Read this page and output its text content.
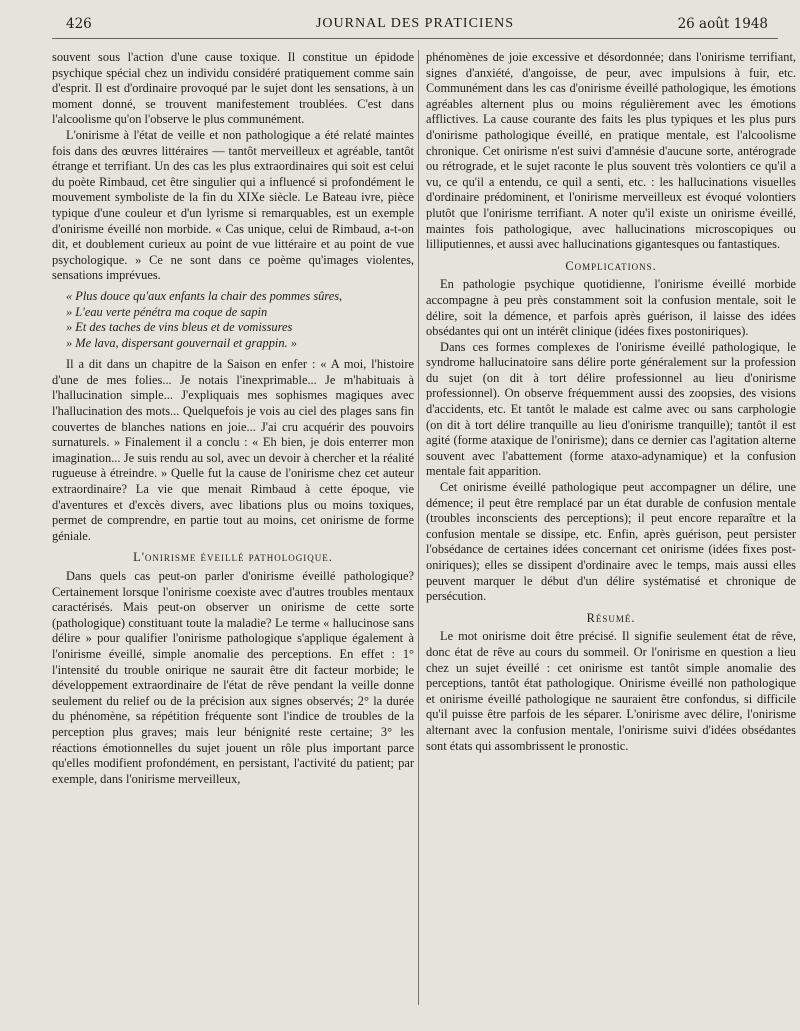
426	JOURNAL DES PRATICIENS	26 août 1948

souvent sous l'action d'une cause toxique. Il constitue un épidode psychique spécial chez un individu considéré pratiquement comme sain d'esprit. Il est d'ordinaire provoqué par le sujet dont les sensations, à un moment donné, se trouvent manifestement troublées. C'est dans l'alcoolisme qu'on l'observe le plus communément.

L'onirisme à l'état de veille et non pathologique a été relaté maintes fois dans des œuvres littéraires — tantôt merveilleux et agréable, tantôt étrange et terrifiant. Un des cas les plus extraordinaires qui soit est celui du poète Rimbaud, cet être singulier qui a influencé si profondément le mouvement symboliste de la fin du XIXe siècle. Le Bateau ivre, pièce typique d'une couleur et d'un lyrisme si remarquables, est un exemple d'onirisme éveillé non morbide. « Cas unique, celui de Rimbaud, a-t-on dit, et doublement curieux au point de vue littéraire et au point de vue psychologique. » Ce ne sont dans ce poème qu'images violentes, sensations imprévues.

« Plus douce qu'aux enfants la chair des pommes sûres,
» L'eau verte pénétra ma coque de sapin
» Et des taches de vins bleus et de vomissures
» Me lava, dispersant gouvernail et grappin. »

Il a dit dans un chapitre de la Saison en enfer : « A moi, l'histoire d'une de mes folies... Je notais l'inexprimable... Je m'habituais à l'hallucination simple... J'expliquais mes sophismes magiques avec l'hallucination des mots... Quelquefois je vois au ciel des plages sans fin couvertes de blanches nations en joie... J'ai cru acquérir des pouvoirs surnaturels. » Finalement il a conclu : « Eh bien, je dois enterrer mon imagination... Je suis rendu au sol, avec un devoir à chercher et la réalité rugueuse à étreindre. » Quelle fut la cause de l'onirisme chez cet auteur extraordinaire? La vie que menait Rimbaud à cette époque, vie d'aventures et d'excès divers, avec libations plus ou moins toxiques, permet de comprendre, en partie tout au moins, cet onirisme de forme géniale.

L'onirisme éveillé pathologique.

Dans quels cas peut-on parler d'onirisme éveillé pathologique? Certainement lorsque l'onirisme coexiste avec d'autres troubles mentaux caractérisés. Mais peut-on observer un onirisme de cette sorte (pathologique) constituant toute la maladie? Le terme « hallucinose sans délire » pour qualifier l'onirisme pathologique s'applique également à l'onirisme éveillé, simple anomalie des perceptions. En effet : 1° l'intensité du trouble onirique ne saurait être dit facteur morbide; le développement extraordinaire de l'état de rêve pendant la veille donne seulement du relief ou de la précision aux signes observés; 2° la durée du phénomène, sa répétition fréquente sont l'indice de troubles de la perception plus graves; mais leur bénignité reste certaine; 3° les réactions émotionnelles du sujet jouent un rôle plus important parce qu'elles modifient profondément, en persistant, l'activité du patient; par exemple, dans l'onirisme merveilleux,

phénomènes de joie excessive et désordonnée; dans l'onirisme terrifiant, signes d'anxiété, d'angoisse, de peur, avec impulsions à fuir, etc. Communément dans les cas d'onirisme éveillé pathologique, les émotions agréables alternent plus ou moins régulièrement avec les émotions afflictives. La cause courante des faits les plus typiques et les plus purs d'onirisme pathologique éveillé, en pratique mentale, est l'alcoolisme chronique. Cet onirisme n'est suivi d'amnésie d'aucune sorte, antérograde ou rétrograde, et le sujet raconte le plus souvent très volontiers ce qu'il a vu, ce qu'il a entendu, ce quil a senti, etc. : les hallucinations visuelles d'ordinaire prédominent, et l'onirisme merveilleux est évoqué volontiers plutôt que l'onirisme terrifiant. A noter qu'il existe un onirisme éveillé, maintes fois pathologique, avec hallucinations microscopiques ou lilliputiennes, et aussi avec hallucinations gigantesques ou fantastiques.

Complications.

En pathologie psychique quotidienne, l'onirisme éveillé morbide accompagne à peu près constamment soit la confusion mentale, soit le délire, soit la démence, et parfois après guérison, il laisse des idées obsédantes qui ont un intérêt clinique (idées fixes postoniriques).

Dans ces formes complexes de l'onirisme éveillé pathologique, le syndrome hallucinatoire sans délire porte généralement sur la profession du sujet (on dit à tort délire professionnel au lieu d'onirisme professionnel). On observe fréquemment aussi des zoopsies, des visions d'accidents, etc. Et tantôt le malade est calme avec ou sans carphologie (on dit à tort délire tranquille au lieu d'onirisme tranquille); tantôt il est agité (forme ataxique de l'onirisme); dans ce dernier cas l'agitation alterne souvent avec l'abattement (forme ataxo-adynamique) et la confusion mentale fait apparition.

Cet onirisme éveillé pathologique peut accompagner un délire, une démence; il peut être remplacé par un état durable de confusion mentale (troubles inconscients des perceptions); il peut encore reparaître et la confusion mentale se dissipe, etc. Enfin, après guérison, peut persister l'obsédance de certaines idées concernant cet onirisme (idées fixes post-oniriques); elles se dissipent d'ordinaire avec le temps, mais aussi elles peuvent marquer le début d'un délire systématisé et chronique de persécution.

Résumé.

Le mot onirisme doit être précisé. Il signifie seulement état de rêve, donc état de rêve au cours du sommeil. Or l'onirisme en question a lieu chez un sujet éveillé : cet onirisme est tantôt simple anomalie des perceptions, tantôt état pathologique. Onirisme éveillé non pathologique et onirisme éveillé pathologique ne sauraient être confondus, si difficile qu'il puisse être parfois de les séparer. L'onirisme avec délire, l'onirisme alternant avec la confusion mentale, l'onirisme suivi d'idées obsédantes sont états qui assombrissent le pronostic.
